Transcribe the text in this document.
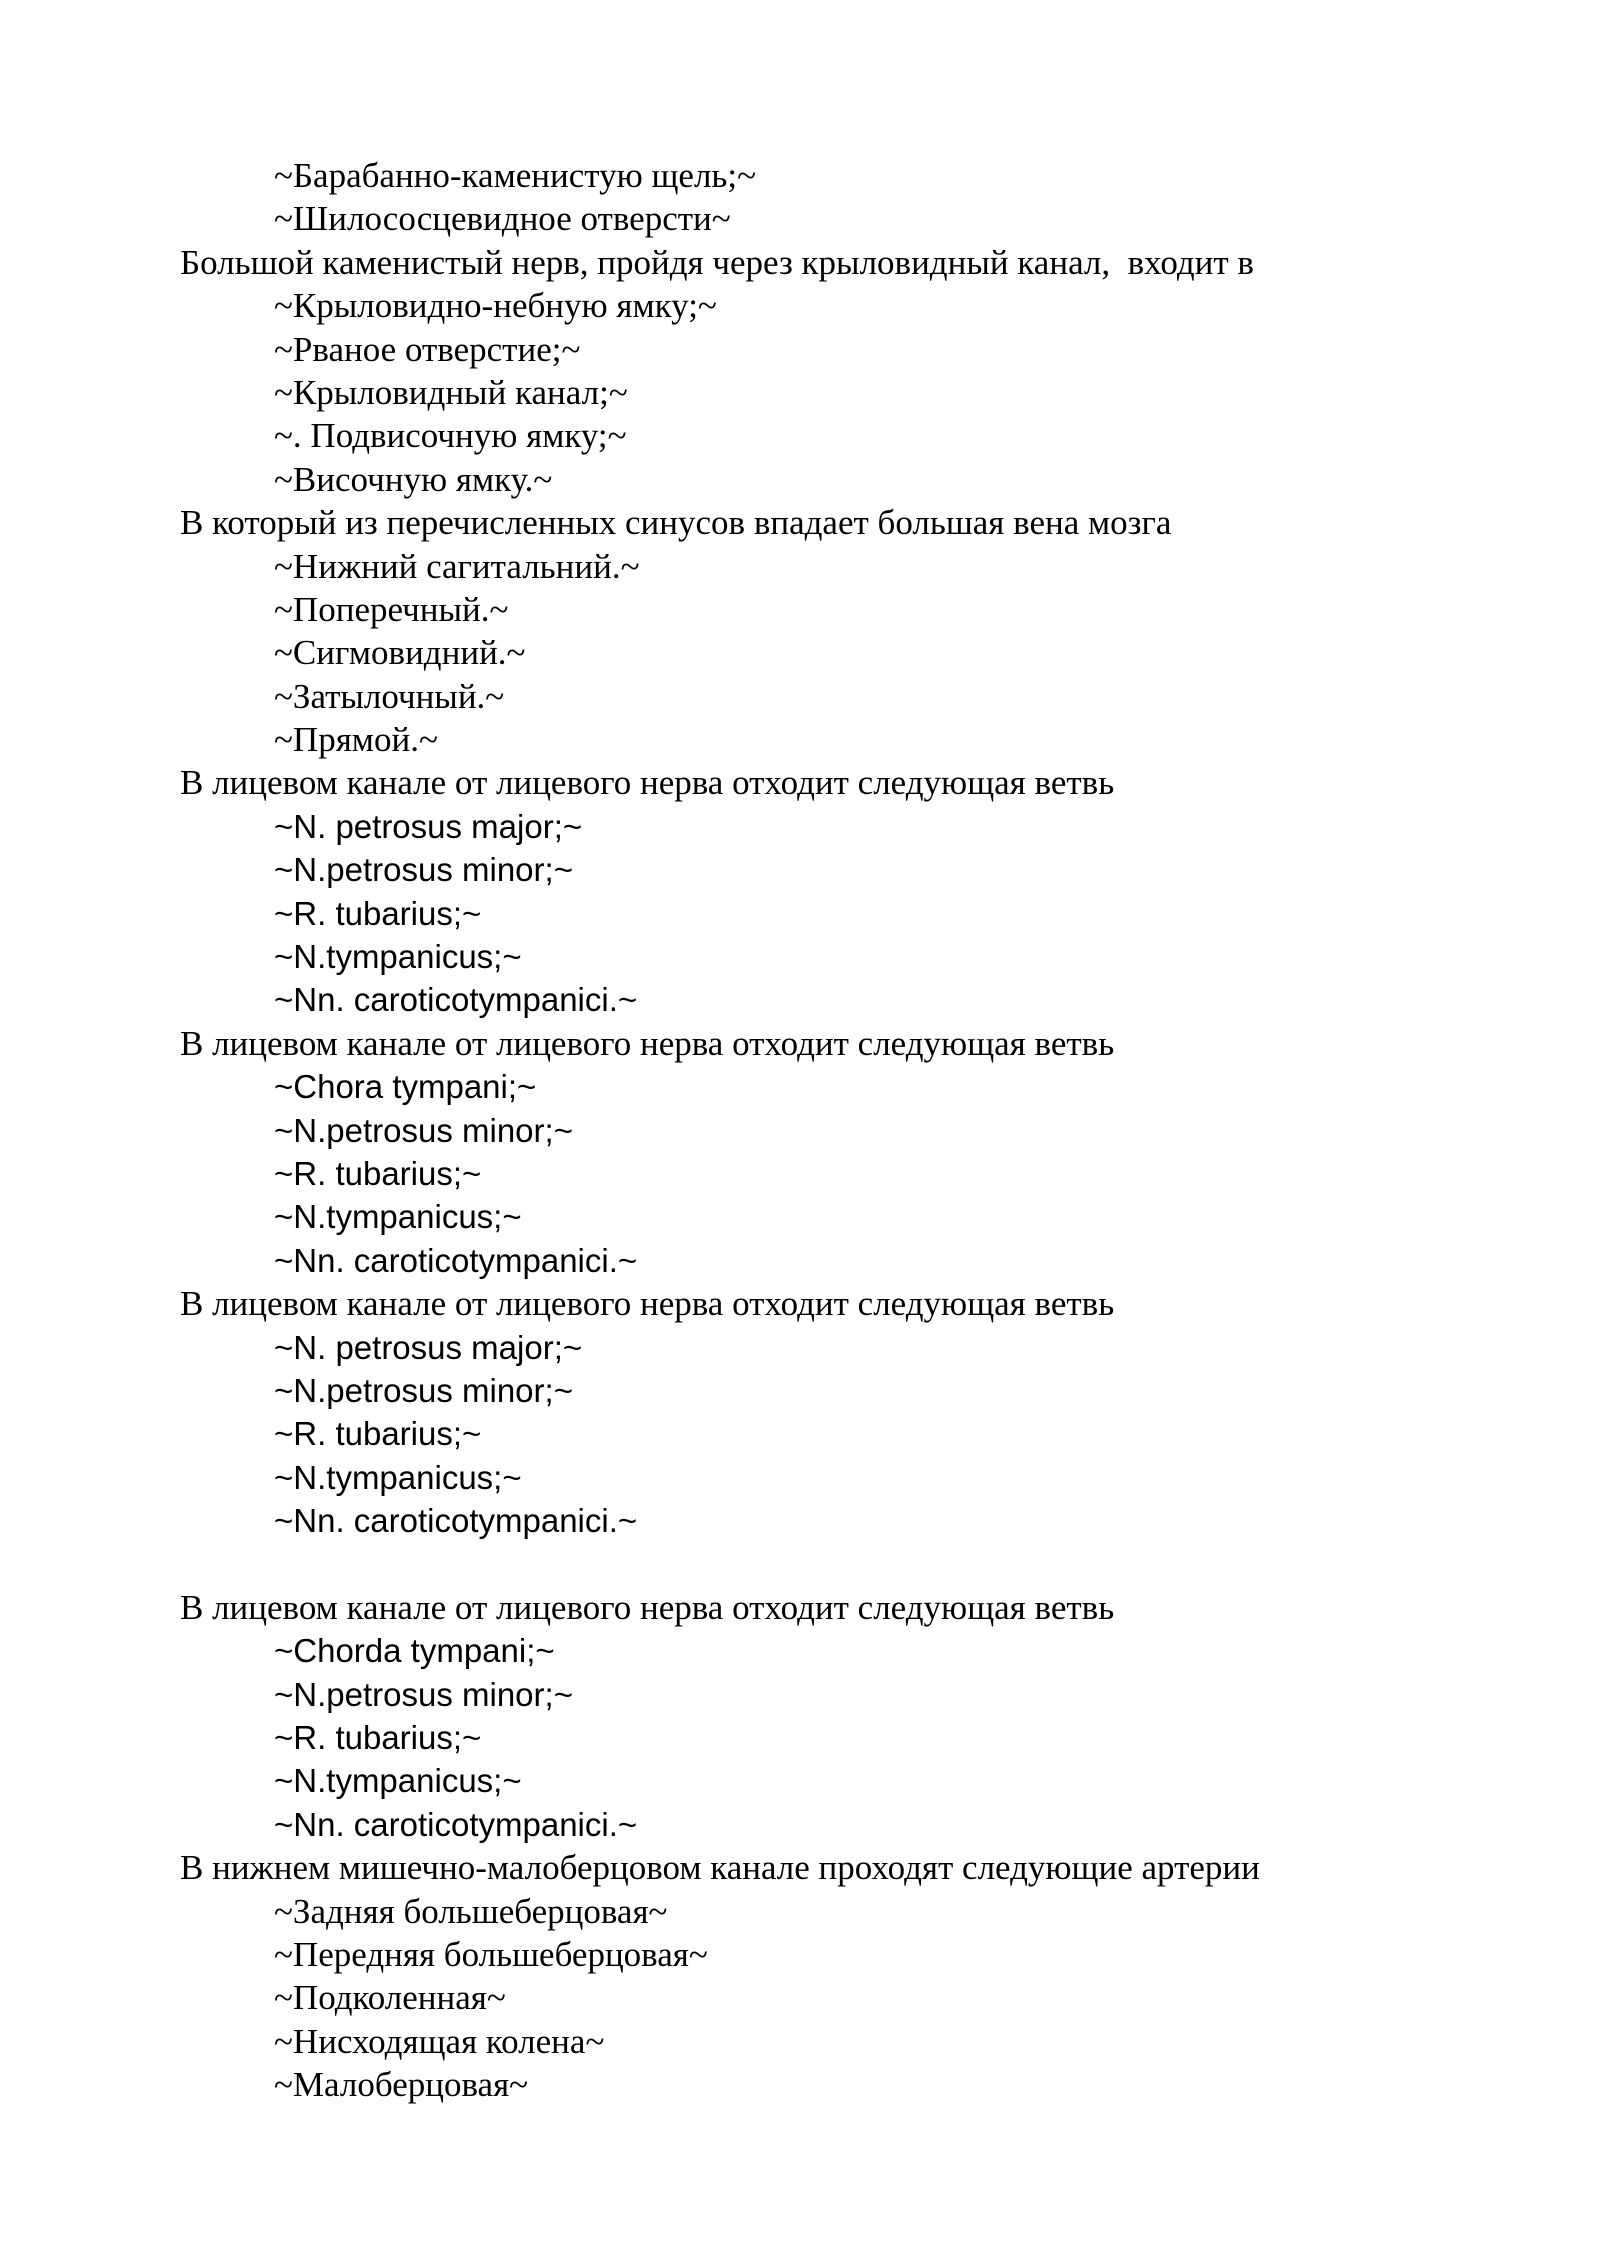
~Барабанно-каменистую щель;~
~Шилососцевидное отверсти~
Большой каменистый нерв, пройдя через крыловидный канал,  входит в
~Крыловидно-небную ямку;~
~Рваное отверстие;~
~Крыловидный канал;~
~. Подвисочную ямку;~
~Височную ямку.~
В который из перечисленных синусов впадает большая вена мозга
~Нижний сагитальний.~
~Поперечный.~
~Сигмовидний.~
~Затылочный.~
~Прямой.~
В лицевом канале от лицевого нерва отходит следующая ветвь
~N. petrosus major;~
~N.petrosus minor;~
~R. tubarius;~
~N.tympanicus;~
~Nn. caroticotympanici.~
В лицевом канале от лицевого нерва отходит следующая ветвь
~Chora tympani;~
~N.petrosus minor;~
~R. tubarius;~
~N.tympanicus;~
~Nn. caroticotympanici.~
В лицевом канале от лицевого нерва отходит следующая ветвь
~N. petrosus major;~
~N.petrosus minor;~
~R. tubarius;~
~N.tympanicus;~
~Nn. caroticotympanici.~
В лицевом канале от лицевого нерва отходит следующая ветвь
~Chorda tympani;~
~N.petrosus minor;~
~R. tubarius;~
~N.tympanicus;~
~Nn. caroticotympanici.~
В нижнем мишечно-малоберцовом канале проходят следующие артерии
~Задняя большеберцовая~
~Передняя большеберцовая~
~Подколенная~
~Нисходящая колена~
~Малоберцовая~
